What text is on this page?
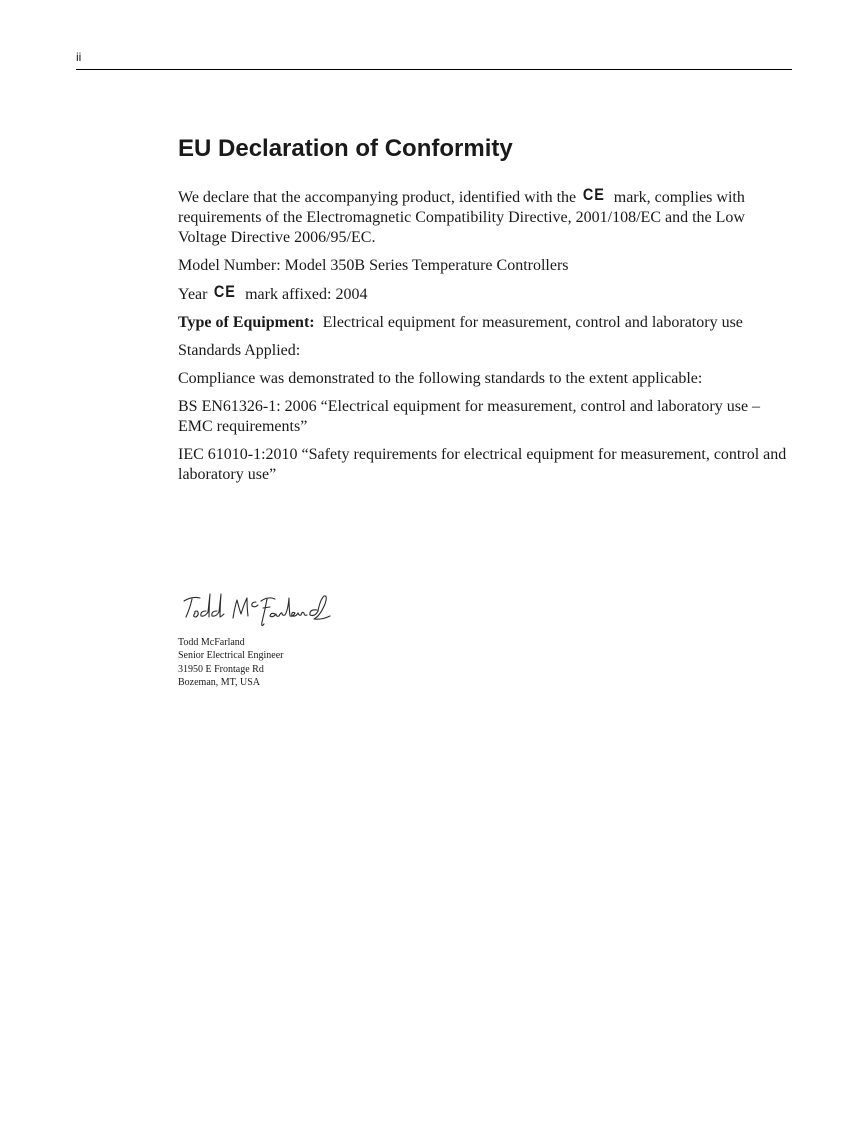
ii
EU Declaration of Conformity

We declare that the accompanying product, identified with the CE mark, complies with requirements of the Electromagnetic Compatibility Directive, 2001/108/EC and the Low Voltage Directive 2006/95/EC.

Model Number: Model 350B Series Temperature Controllers

Year CE mark affixed: 2004

Type of Equipment: Electrical equipment for measurement, control and laboratory use

Standards Applied:

Compliance was demonstrated to the following standards to the extent applicable:

BS EN61326-1: 2006 “Electrical equipment for measurement, control and laboratory use – EMC requirements”

IEC 61010-1:2010 “Safety requirements for electrical equipment for measurement, control and laboratory use”

Todd McFarland
Senior Electrical Engineer
31950 E Frontage Rd
Bozeman, MT, USA
